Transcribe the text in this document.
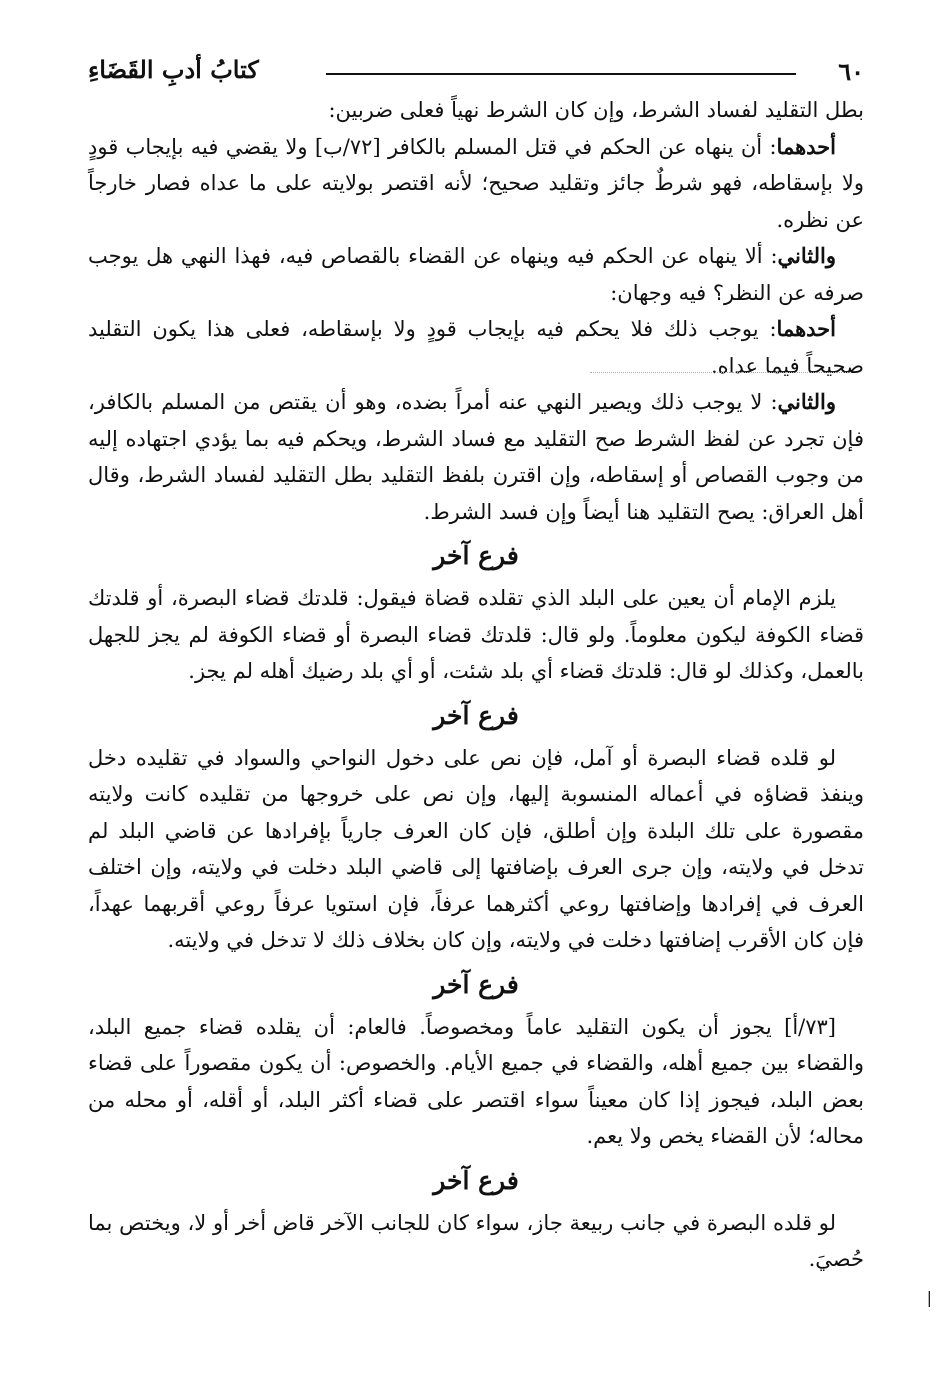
٦٠
كتابُ أدبِ القَضَاءِ

بطل التقليد لفساد الشرط، وإن كان الشرط نهياً فعلى ضربين:

أحدهما: أن ينهاه عن الحكم في قتل المسلم بالكافر [٧٢/ب] ولا يقضي فيه بإيجاب قودٍ ولا بإسقاطه، فهو شرطٌ جائز وتقليد صحيح؛ لأنه اقتصر بولايته على ما عداه فصار خارجاً عن نظره.

والثاني: ألا ينهاه عن الحكم فيه وينهاه عن القضاء بالقصاص فيه، فهذا النهي هل يوجب صرفه عن النظر؟ فيه وجهان:

أحدهما: يوجب ذلك فلا يحكم فيه بإيجاب قودٍ ولا بإسقاطه، فعلى هذا يكون التقليد صحيحاً فيما عداه.

والثاني: لا يوجب ذلك ويصير النهي عنه أمراً بضده، وهو أن يقتص من المسلم بالكافر، فإن تجرد عن لفظ الشرط صح التقليد مع فساد الشرط، ويحكم فيه بما يؤدي اجتهاده إليه من وجوب القصاص أو إسقاطه، وإن اقترن بلفظ التقليد بطل التقليد لفساد الشرط، وقال أهل العراق: يصح التقليد هنا أيضاً وإن فسد الشرط.

فرع آخر

يلزم الإمام أن يعين على البلد الذي تقلده قضاة فيقول: قلدتك قضاء البصرة، أو قلدتك قضاء الكوفة ليكون معلوماً. ولو قال: قلدتك قضاء البصرة أو قضاء الكوفة لم يجز للجهل بالعمل، وكذلك لو قال: قلدتك قضاء أي بلد شئت، أو أي بلد رضيك أهله لم يجز.

فرع آخر

لو قلده قضاء البصرة أو آمل، فإن نص على دخول النواحي والسواد في تقليده دخل وينفذ قضاؤه في أعماله المنسوبة إليها، وإن نص على خروجها من تقليده كانت ولايته مقصورة على تلك البلدة وإن أطلق، فإن كان العرف جارياً بإفرادها عن قاضي البلد لم تدخل في ولايته، وإن جرى العرف بإضافتها إلى قاضي البلد دخلت في ولايته، وإن اختلف العرف في إفرادها وإضافتها روعي أكثرهما عرفاً، فإن استويا عرفاً روعي أقربهما عهداً، فإن كان الأقرب إضافتها دخلت في ولايته، وإن كان بخلاف ذلك لا تدخل في ولايته.

فرع آخر

[٧٣/أ] يجوز أن يكون التقليد عاماً ومخصوصاً. فالعام: أن يقلده قضاء جميع البلد، والقضاء بين جميع أهله، والقضاء في جميع الأيام. والخصوص: أن يكون مقصوراً على قضاء بعض البلد، فيجوز إذا كان معيناً سواء اقتصر على قضاء أكثر البلد، أو أقله، أو محله من محاله؛ لأن القضاء يخص ولا يعم.

فرع آخر

لو قلده البصرة في جانب ربيعة جاز، سواء كان للجانب الآخر قاض أخر أو لا، ويختص بما حُصيَ.

|
